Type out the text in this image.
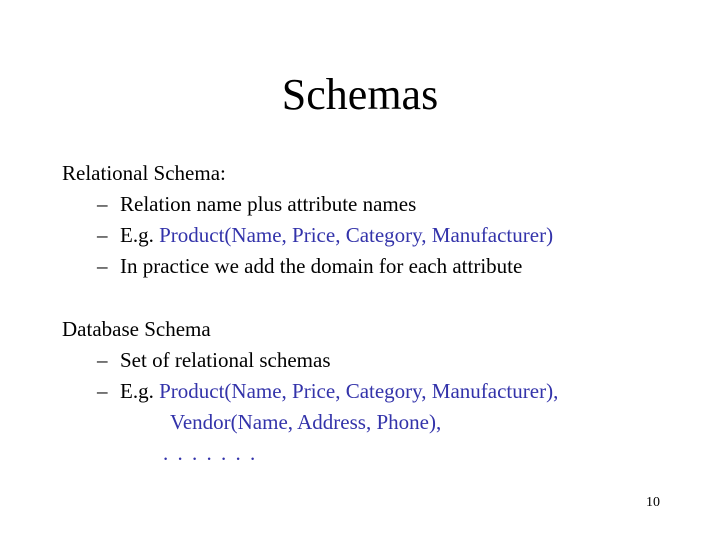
Schemas
Relational Schema:
– Relation name plus attribute names
– E.g. Product(Name, Price, Category, Manufacturer)
– In practice we add the domain for each attribute
Database Schema
– Set of relational schemas
– E.g. Product(Name, Price, Category, Manufacturer),
Vendor(Name, Address, Phone),
. . . . . . .
10
